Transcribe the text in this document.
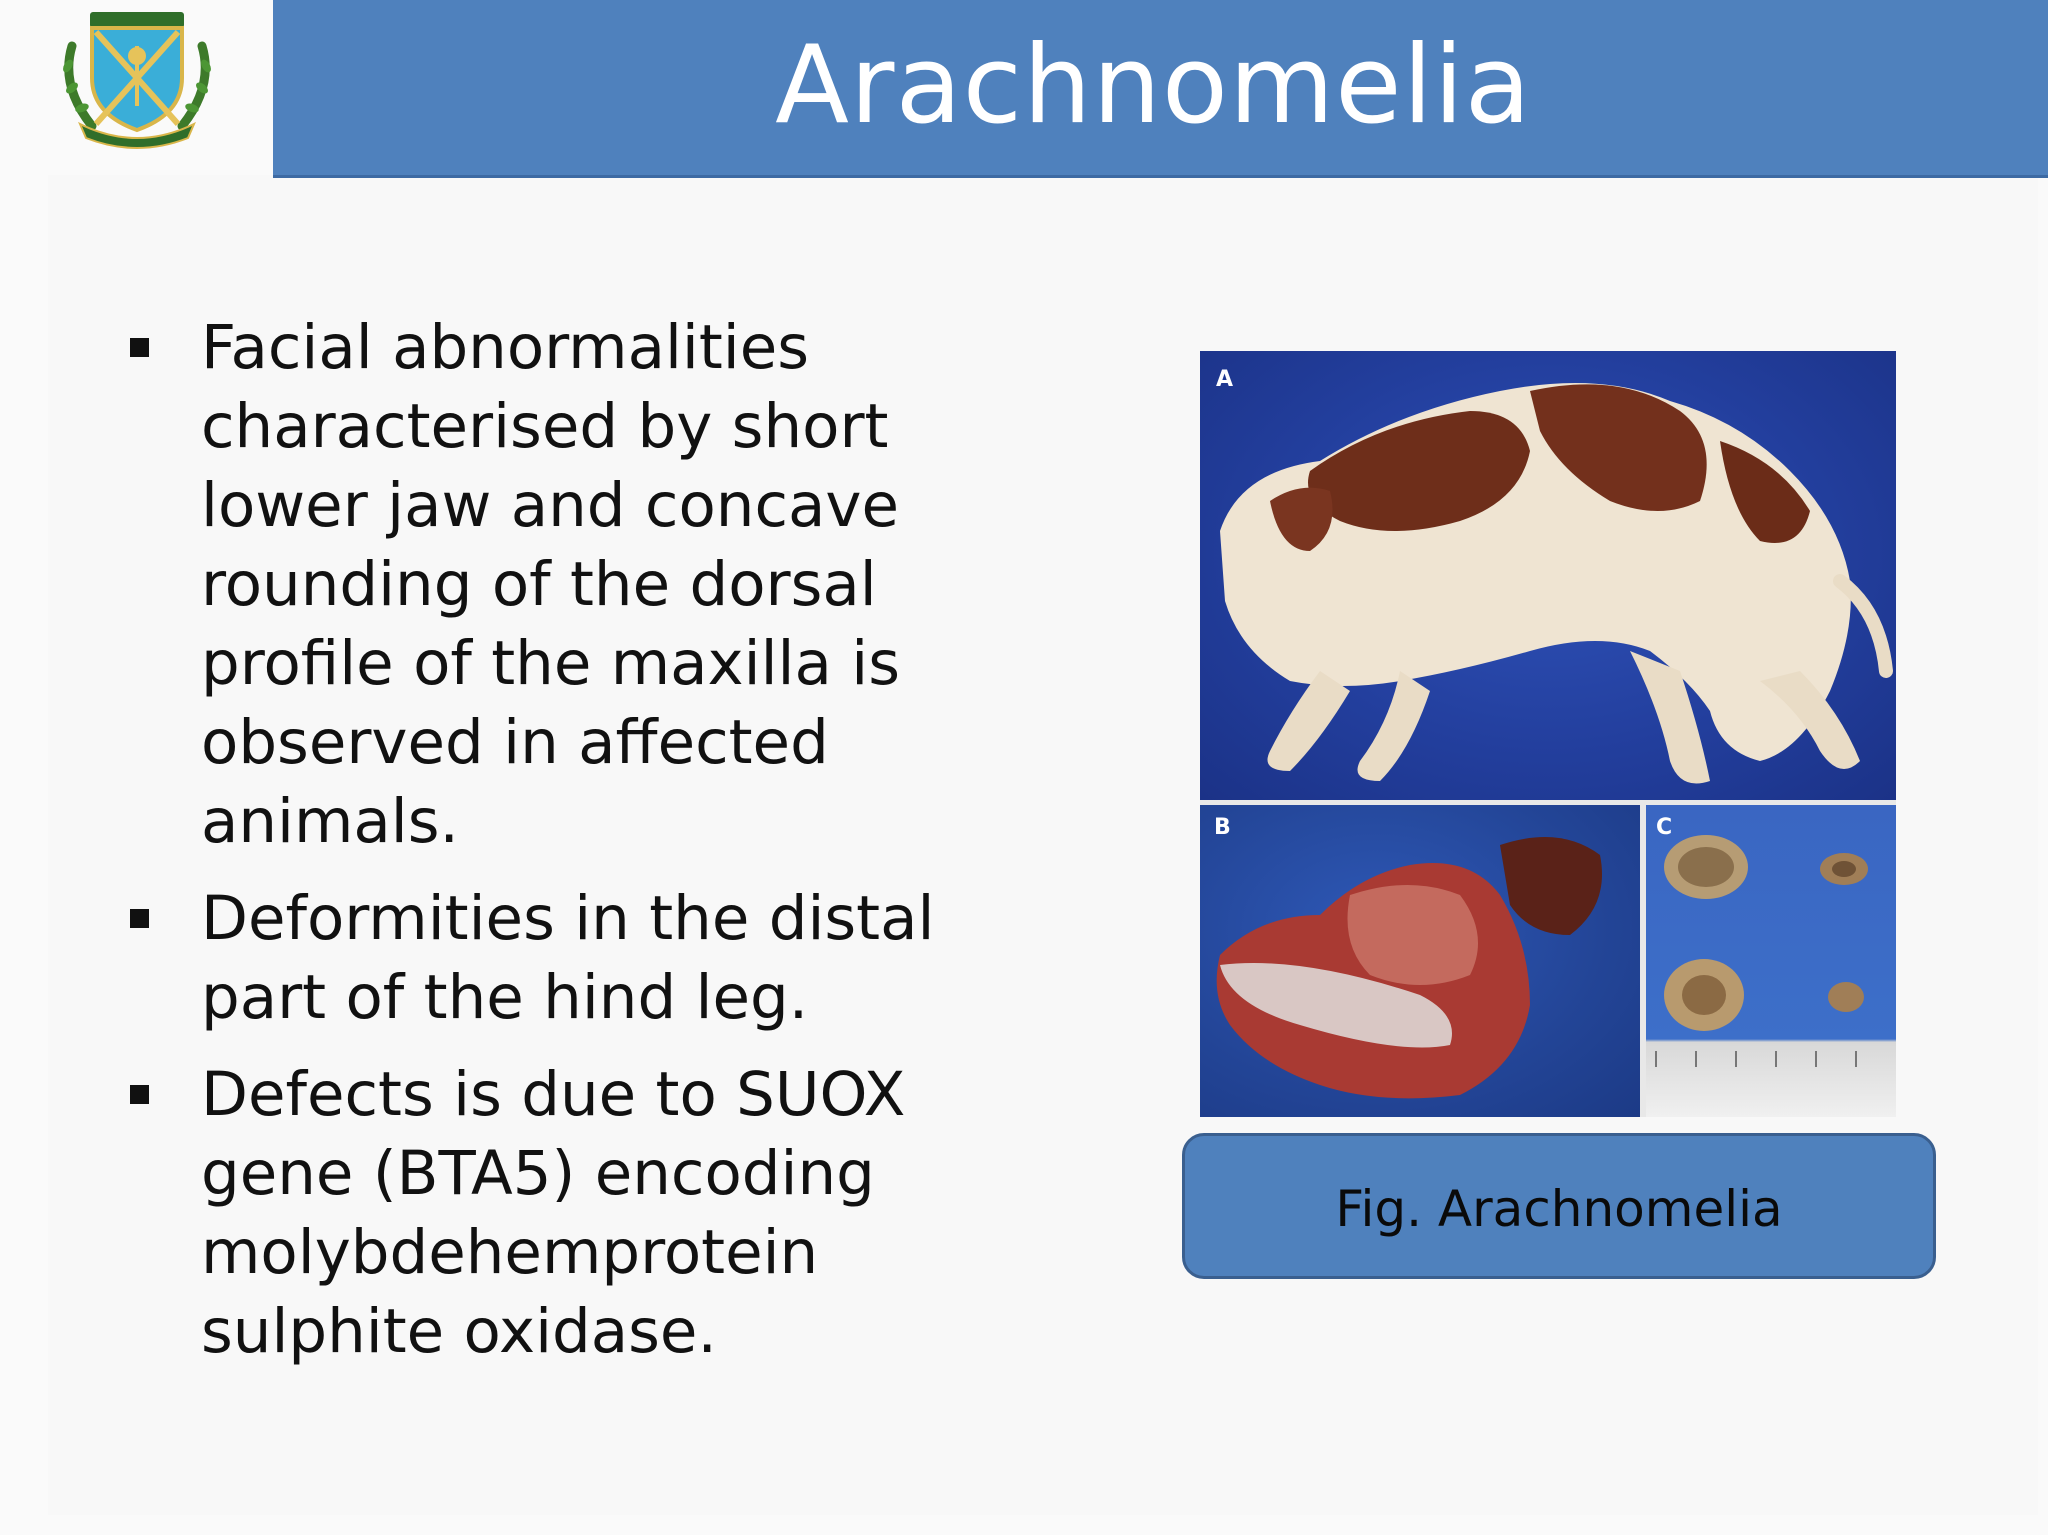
Arachnomelia
Facial abnormalities characterised by short lower jaw and concave rounding of the dorsal profile of the maxilla is observed in affected animals.
Deformities in the distal part of the hind leg.
Defects is due to SUOX gene (BTA5) encoding molybdehemprotein sulphite oxidase.
A
B	C
Fig. Arachnomelia
